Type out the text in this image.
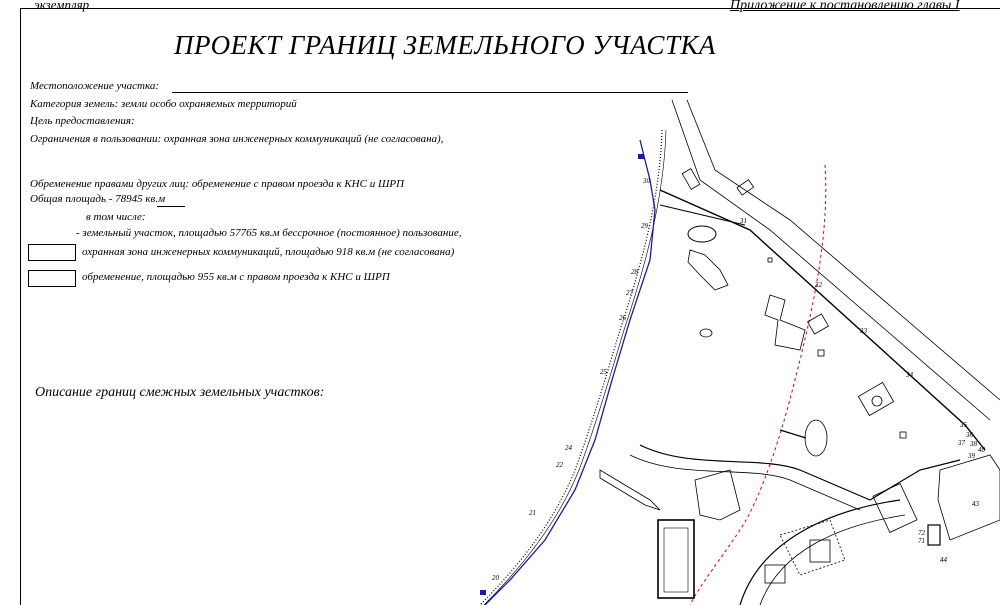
экземпляр	Приложение к постановлению главы I
ПРОЕКТ ГРАНИЦ ЗЕМЕЛЬНОГО УЧАСТКА
Местоположение участка:
Категория земель: земли особо охраняемых территорий
Цель предоставления:
Ограничения в пользовании: охранная зона инженерных коммуникаций (не согласована),
Обременение правами других лиц: обременение с правом проезда к КНС и ШРП
Общая площадь - 78945 кв.м
в том числе:
- земельный участок, площадью 57765 кв.м бессрочное (постоянное) пользование,
охранная зона инженерных коммуникаций, площадью 918 кв.м (не согласована)
обременение, площадью 955 кв.м с правом проезда к КНС и ШРП
Описание границ смежных земельных участков:
30
29
28
27
26
25
24
22
21
20
31
32
33
34
35
36
37 38
39
40
43
44
71
72
